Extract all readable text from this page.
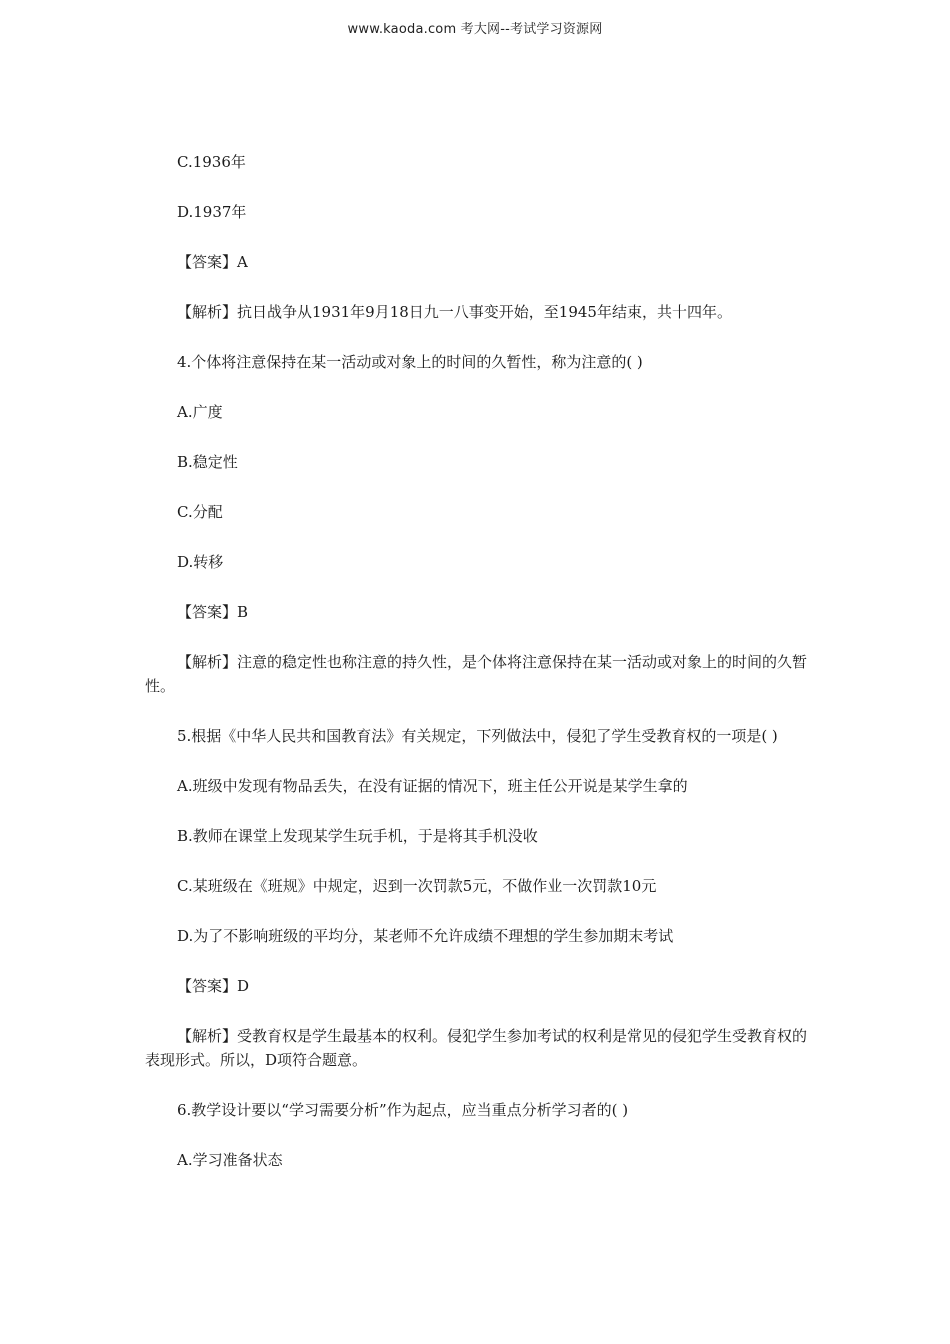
www.kaoda.com 考大网--考试学习资源网

C.1936年

D.1937年

【答案】A

【解析】抗日战争从1931年9月18日九一八事变开始，至1945年结束，共十四年。

4.个体将注意保持在某一活动或对象上的时间的久暂性，称为注意的( )

A.广度

B.稳定性

C.分配

D.转移

【答案】B

【解析】注意的稳定性也称注意的持久性，是个体将注意保持在某一活动或对象上的时间的久暂性。

5.根据《中华人民共和国教育法》有关规定，下列做法中，侵犯了学生受教育权的一项是( )

A.班级中发现有物品丢失，在没有证据的情况下，班主任公开说是某学生拿的

B.教师在课堂上发现某学生玩手机，于是将其手机没收

C.某班级在《班规》中规定，迟到一次罚款5元，不做作业一次罚款10元

D.为了不影响班级的平均分，某老师不允许成绩不理想的学生参加期末考试

【答案】D

【解析】受教育权是学生最基本的权利。侵犯学生参加考试的权利是常见的侵犯学生受教育权的表现形式。所以，D项符合题意。

6.教学设计要以“学习需要分析”作为起点，应当重点分析学习者的( )

A.学习准备状态
